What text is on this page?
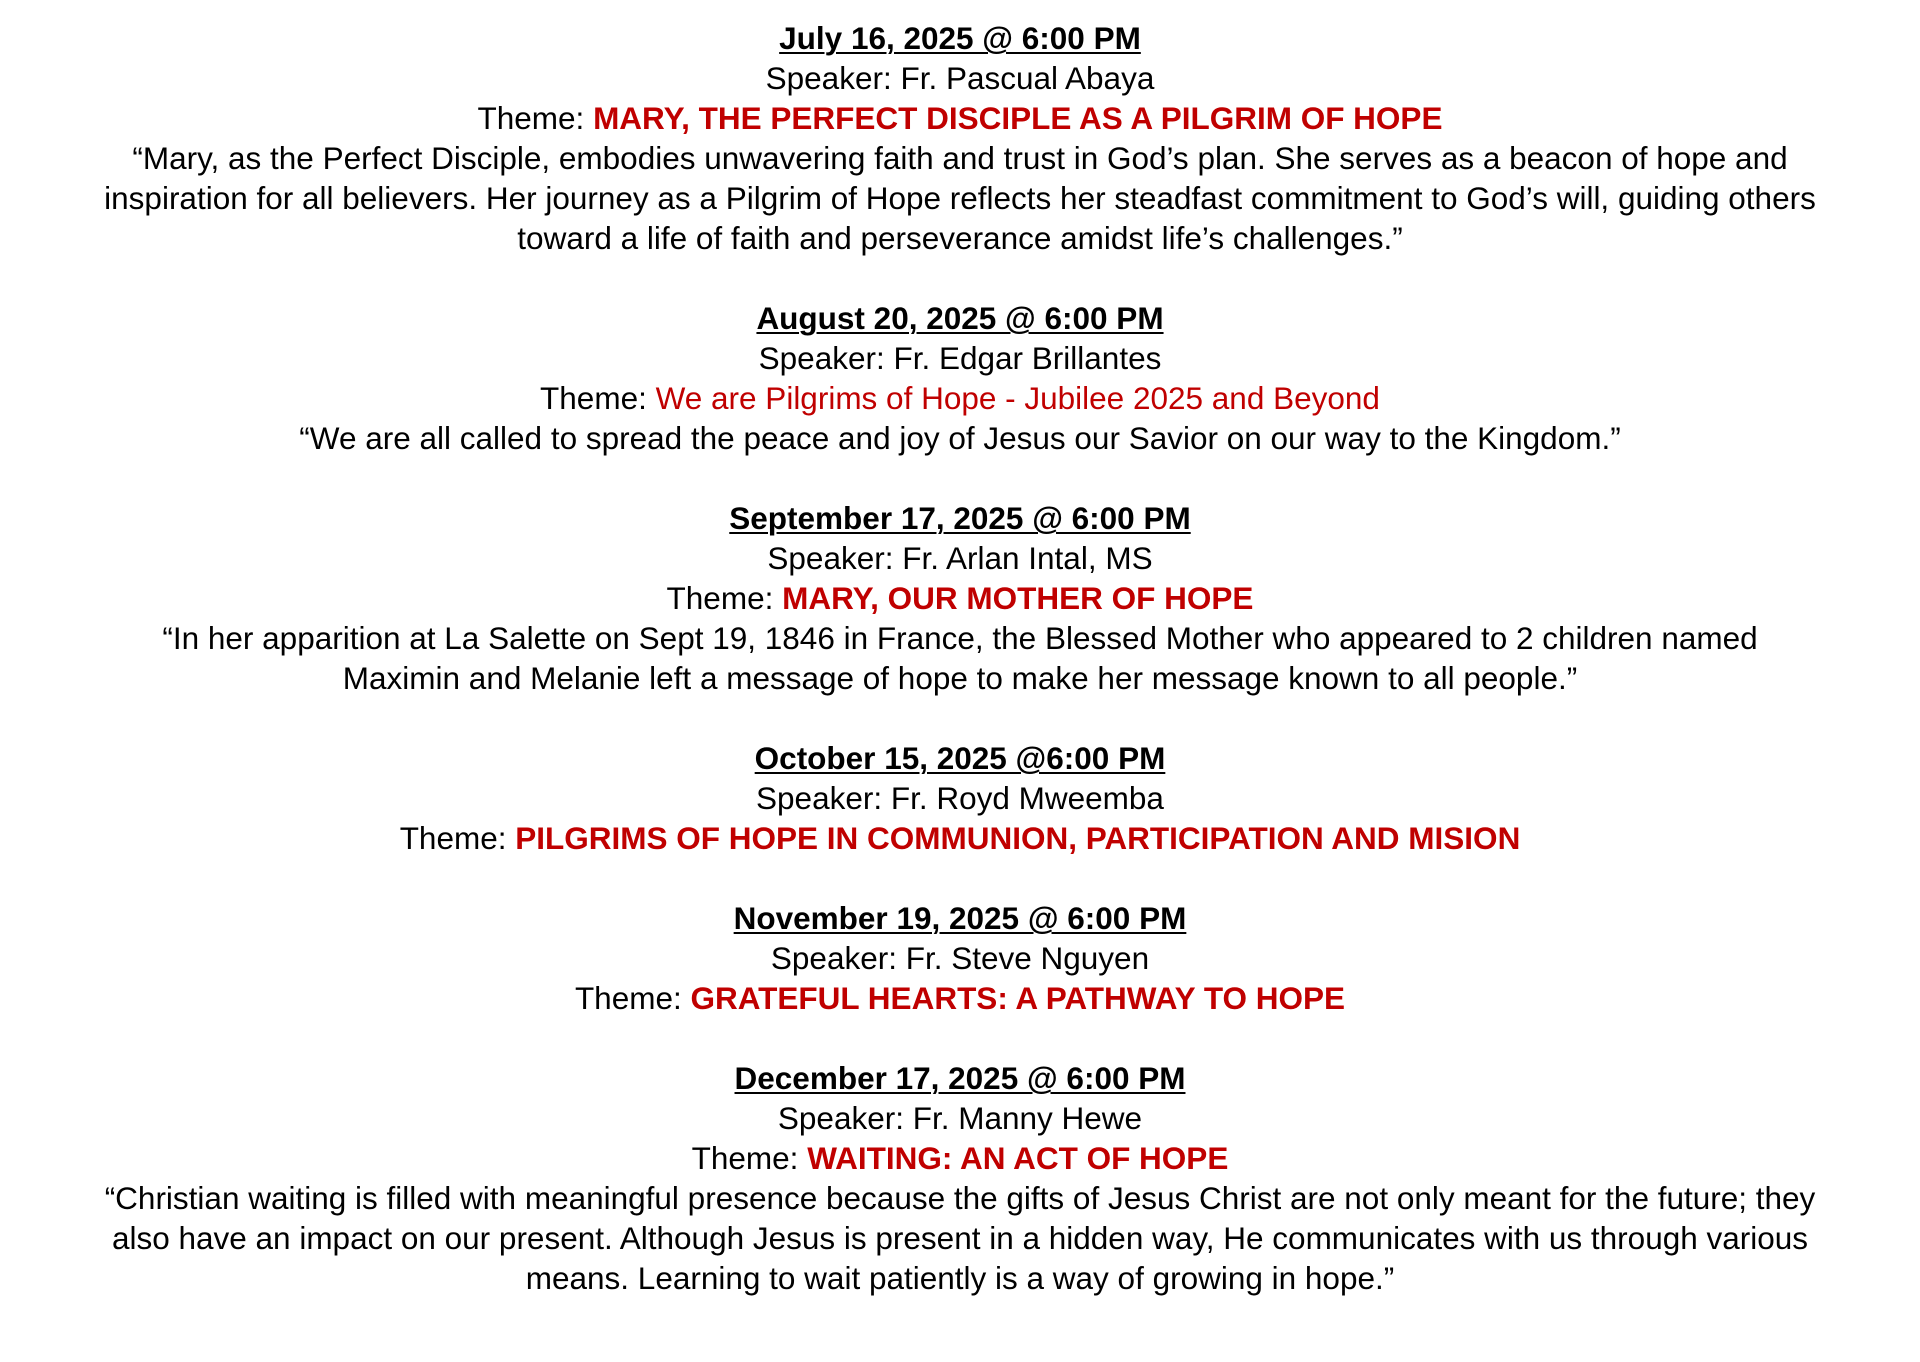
July 16, 2025 @ 6:00 PM

Speaker: Fr. Pascual Abaya

Theme: MARY, THE PERFECT DISCIPLE AS A PILGRIM OF HOPE

“Mary, as the Perfect Disciple, embodies unwavering faith and trust in God’s plan. She serves as a beacon of hope and inspiration for all believers. Her journey as a Pilgrim of Hope reflects her steadfast commitment to God’s will, guiding others toward a life of faith and perseverance amidst life’s challenges.”

August 20, 2025 @ 6:00 PM

Speaker: Fr. Edgar Brillantes

Theme: We are Pilgrims of Hope - Jubilee 2025 and Beyond

“We are all called to spread the peace and joy of Jesus our Savior on our way to the Kingdom.”

September 17, 2025 @ 6:00 PM

Speaker: Fr. Arlan Intal, MS

Theme: MARY, OUR MOTHER OF HOPE

“In her apparition at La Salette on Sept 19, 1846 in France, the Blessed Mother who appeared to 2 children named Maximin and Melanie left a message of hope to make her message known to all people.”

October 15, 2025 @6:00 PM

Speaker: Fr. Royd Mweemba

Theme: PILGRIMS OF HOPE IN COMMUNION, PARTICIPATION AND MISION

November 19, 2025 @ 6:00 PM

Speaker: Fr. Steve Nguyen

Theme: GRATEFUL HEARTS: A PATHWAY TO HOPE

December 17, 2025 @ 6:00 PM

Speaker: Fr. Manny Hewe

Theme: WAITING: AN ACT OF HOPE

“Christian waiting is filled with meaningful presence because the gifts of Jesus Christ are not only meant for the future; they also have an impact on our present. Although Jesus is present in a hidden way, He communicates with us through various means. Learning to wait patiently is a way of growing in hope.”
